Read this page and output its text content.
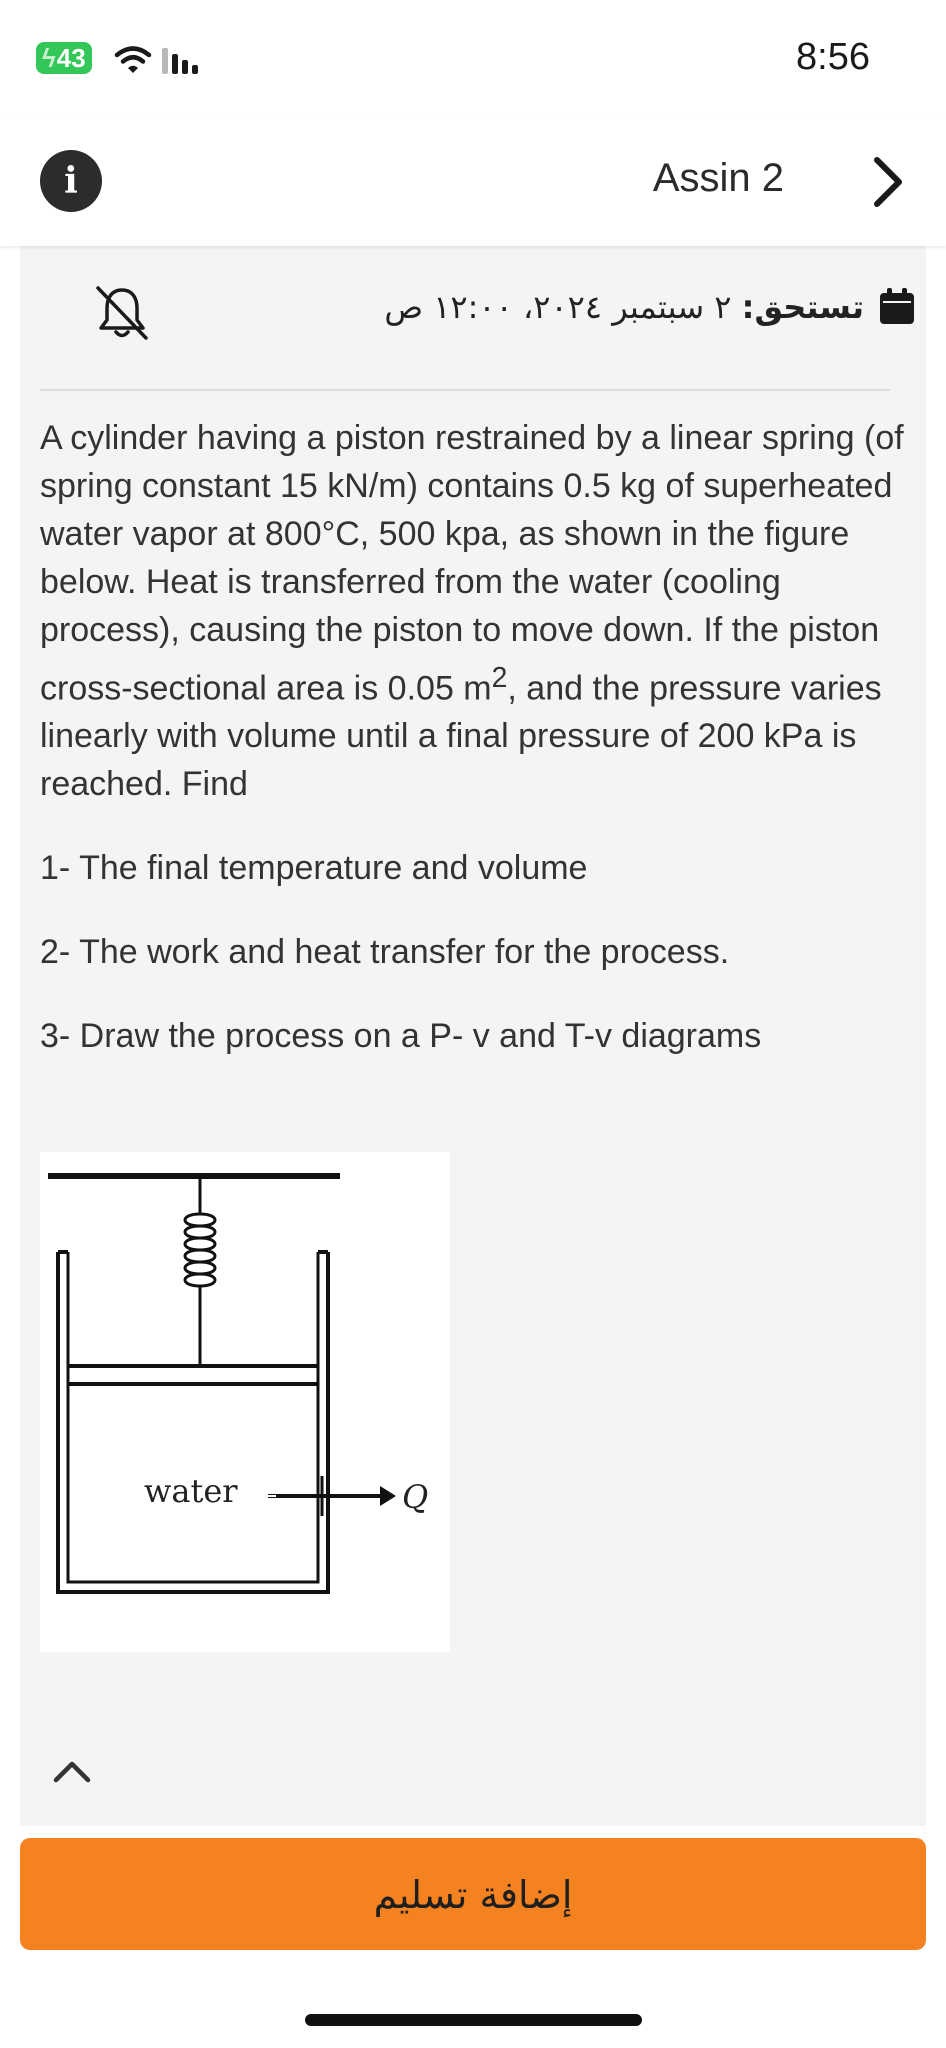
ϟ43	8:56
i	Assin 2
تستحق: ٢ سبتمبر ٢٠٢٤، ١٢:٠٠ ص

A cylinder having a piston restrained by a linear spring (of spring constant 15 kN/m) contains 0.5 kg of superheated water vapor at 800°C, 500 kpa, as shown in the figure below. Heat is transferred from the water (cooling process), causing the piston to move down. If the piston cross-sectional area is 0.05 $m^2$, and the pressure varies linearly with volume until a final pressure of 200 kPa is reached. Find

1- The final temperature and volume

2- The work and heat transfer for the process.

3- Draw the process on a P- v and T-v diagrams

water	Q
إضافة تسليم
